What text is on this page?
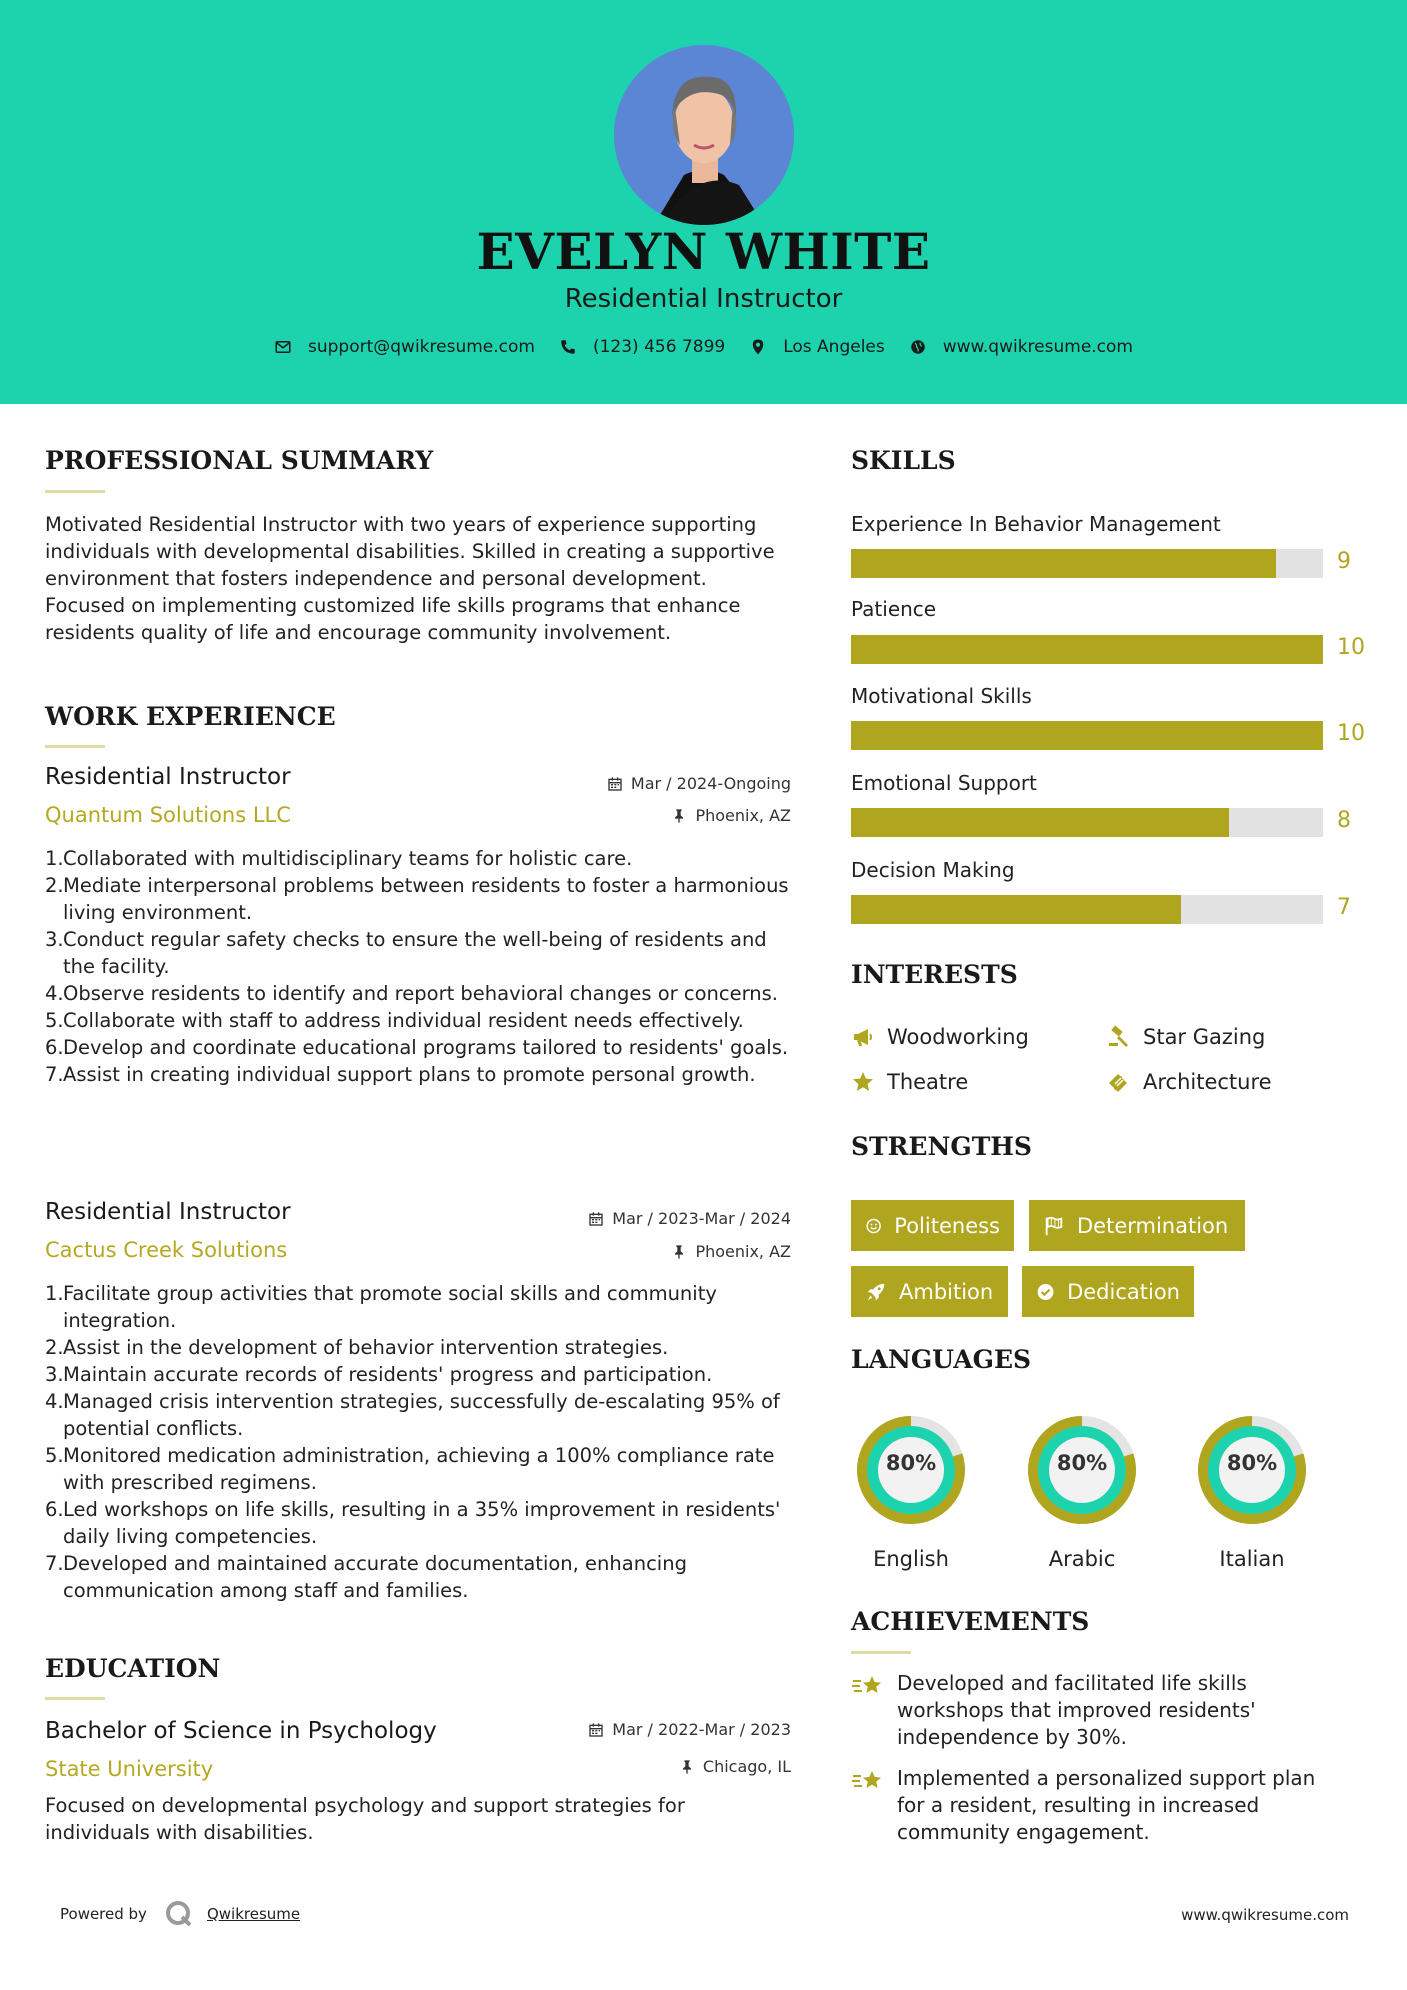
EVELYN WHITE
Residential Instructor
support@qwikresume.com	(123) 456 7899	Los Angeles	www.qwikresume.com
PROFESSIONAL SUMMARY
Motivated Residential Instructor with two years of experience supporting individuals with developmental disabilities. Skilled in creating a supportive environment that fosters independence and personal development. Focused on implementing customized life skills programs that enhance residents quality of life and encourage community involvement.
WORK EXPERIENCE
Residential Instructor	Mar / 2024-Ongoing
Quantum Solutions LLC	Phoenix, AZ
1. Collaborated with multidisciplinary teams for holistic care.
2. Mediate interpersonal problems between residents to foster a harmonious living environment.
3. Conduct regular safety checks to ensure the well-being of residents and the facility.
4. Observe residents to identify and report behavioral changes or concerns.
5. Collaborate with staff to address individual resident needs effectively.
6. Develop and coordinate educational programs tailored to residents' goals.
7. Assist in creating individual support plans to promote personal growth.
Residential Instructor	Mar / 2023-Mar / 2024
Cactus Creek Solutions	Phoenix, AZ
1. Facilitate group activities that promote social skills and community integration.
2. Assist in the development of behavior intervention strategies.
3. Maintain accurate records of residents' progress and participation.
4. Managed crisis intervention strategies, successfully de-escalating 95% of potential conflicts.
5. Monitored medication administration, achieving a 100% compliance rate with prescribed regimens.
6. Led workshops on life skills, resulting in a 35% improvement in residents' daily living competencies.
7. Developed and maintained accurate documentation, enhancing communication among staff and families.
EDUCATION
Bachelor of Science in Psychology	Mar / 2022-Mar / 2023
State University	Chicago, IL
Focused on developmental psychology and support strategies for individuals with disabilities.
SKILLS
Experience In Behavior Management
9
Patience
10
Motivational Skills
10
Emotional Support
8
Decision Making
7
INTERESTS
Woodworking	Star Gazing
Theatre	Architecture
STRENGTHS
Politeness	Determination
Ambition	Dedication
LANGUAGES
80%
English
80%
Arabic
80%
Italian
ACHIEVEMENTS
Developed and facilitated life skills workshops that improved residents' independence by 30%.
Implemented a personalized support plan for a resident, resulting in increased community engagement.
Powered by	Qwikresume	www.qwikresume.com
